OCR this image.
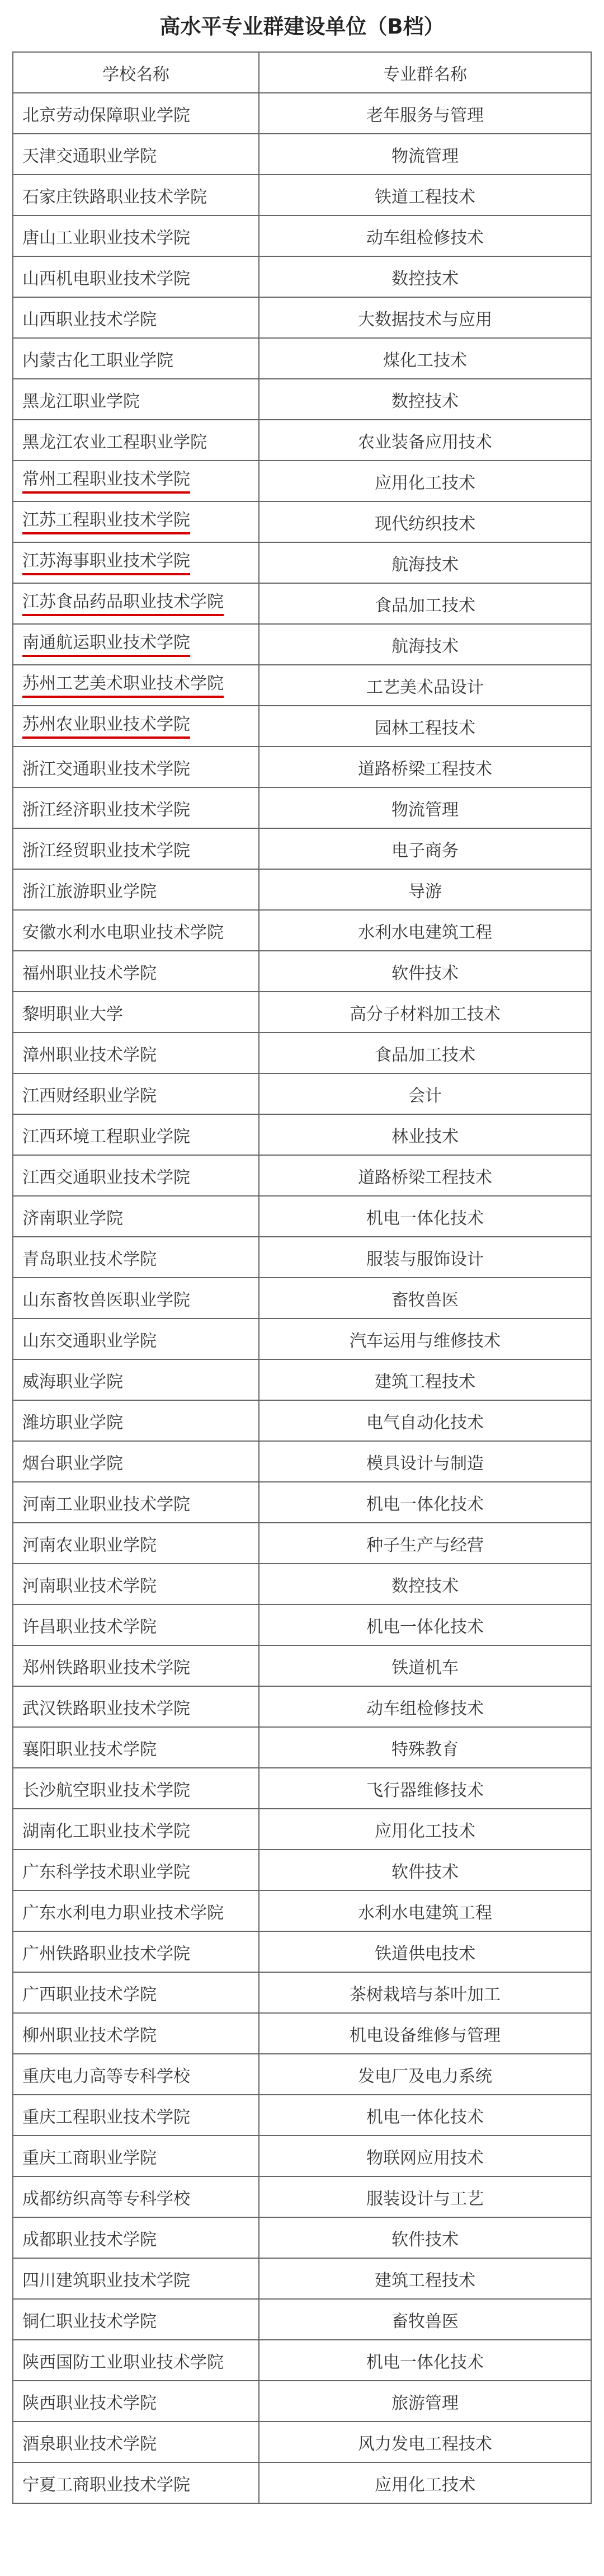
高水平专业群建设单位（B档）
学校名称	专业群名称
北京劳动保障职业学院	老年服务与管理
天津交通职业学院	物流管理
石家庄铁路职业技术学院	铁道工程技术
唐山工业职业技术学院	动车组检修技术
山西机电职业技术学院	数控技术
山西职业技术学院	大数据技术与应用
内蒙古化工职业学院	煤化工技术
黑龙江职业学院	数控技术
黑龙江农业工程职业学院	农业装备应用技术
常州工程职业技术学院	应用化工技术
江苏工程职业技术学院	现代纺织技术
江苏海事职业技术学院	航海技术
江苏食品药品职业技术学院	食品加工技术
南通航运职业技术学院	航海技术
苏州工艺美术职业技术学院	工艺美术品设计
苏州农业职业技术学院	园林工程技术
浙江交通职业技术学院	道路桥梁工程技术
浙江经济职业技术学院	物流管理
浙江经贸职业技术学院	电子商务
浙江旅游职业学院	导游
安徽水利水电职业技术学院	水利水电建筑工程
福州职业技术学院	软件技术
黎明职业大学	高分子材料加工技术
漳州职业技术学院	食品加工技术
江西财经职业学院	会计
江西环境工程职业学院	林业技术
江西交通职业技术学院	道路桥梁工程技术
济南职业学院	机电一体化技术
青岛职业技术学院	服装与服饰设计
山东畜牧兽医职业学院	畜牧兽医
山东交通职业学院	汽车运用与维修技术
威海职业学院	建筑工程技术
潍坊职业学院	电气自动化技术
烟台职业学院	模具设计与制造
河南工业职业技术学院	机电一体化技术
河南农业职业学院	种子生产与经营
河南职业技术学院	数控技术
许昌职业技术学院	机电一体化技术
郑州铁路职业技术学院	铁道机车
武汉铁路职业技术学院	动车组检修技术
襄阳职业技术学院	特殊教育
长沙航空职业技术学院	飞行器维修技术
湖南化工职业技术学院	应用化工技术
广东科学技术职业学院	软件技术
广东水利电力职业技术学院	水利水电建筑工程
广州铁路职业技术学院	铁道供电技术
广西职业技术学院	茶树栽培与茶叶加工
柳州职业技术学院	机电设备维修与管理
重庆电力高等专科学校	发电厂及电力系统
重庆工程职业技术学院	机电一体化技术
重庆工商职业学院	物联网应用技术
成都纺织高等专科学校	服装设计与工艺
成都职业技术学院	软件技术
四川建筑职业技术学院	建筑工程技术
铜仁职业技术学院	畜牧兽医
陕西国防工业职业技术学院	机电一体化技术
陕西职业技术学院	旅游管理
酒泉职业技术学院	风力发电工程技术
宁夏工商职业技术学院	应用化工技术
